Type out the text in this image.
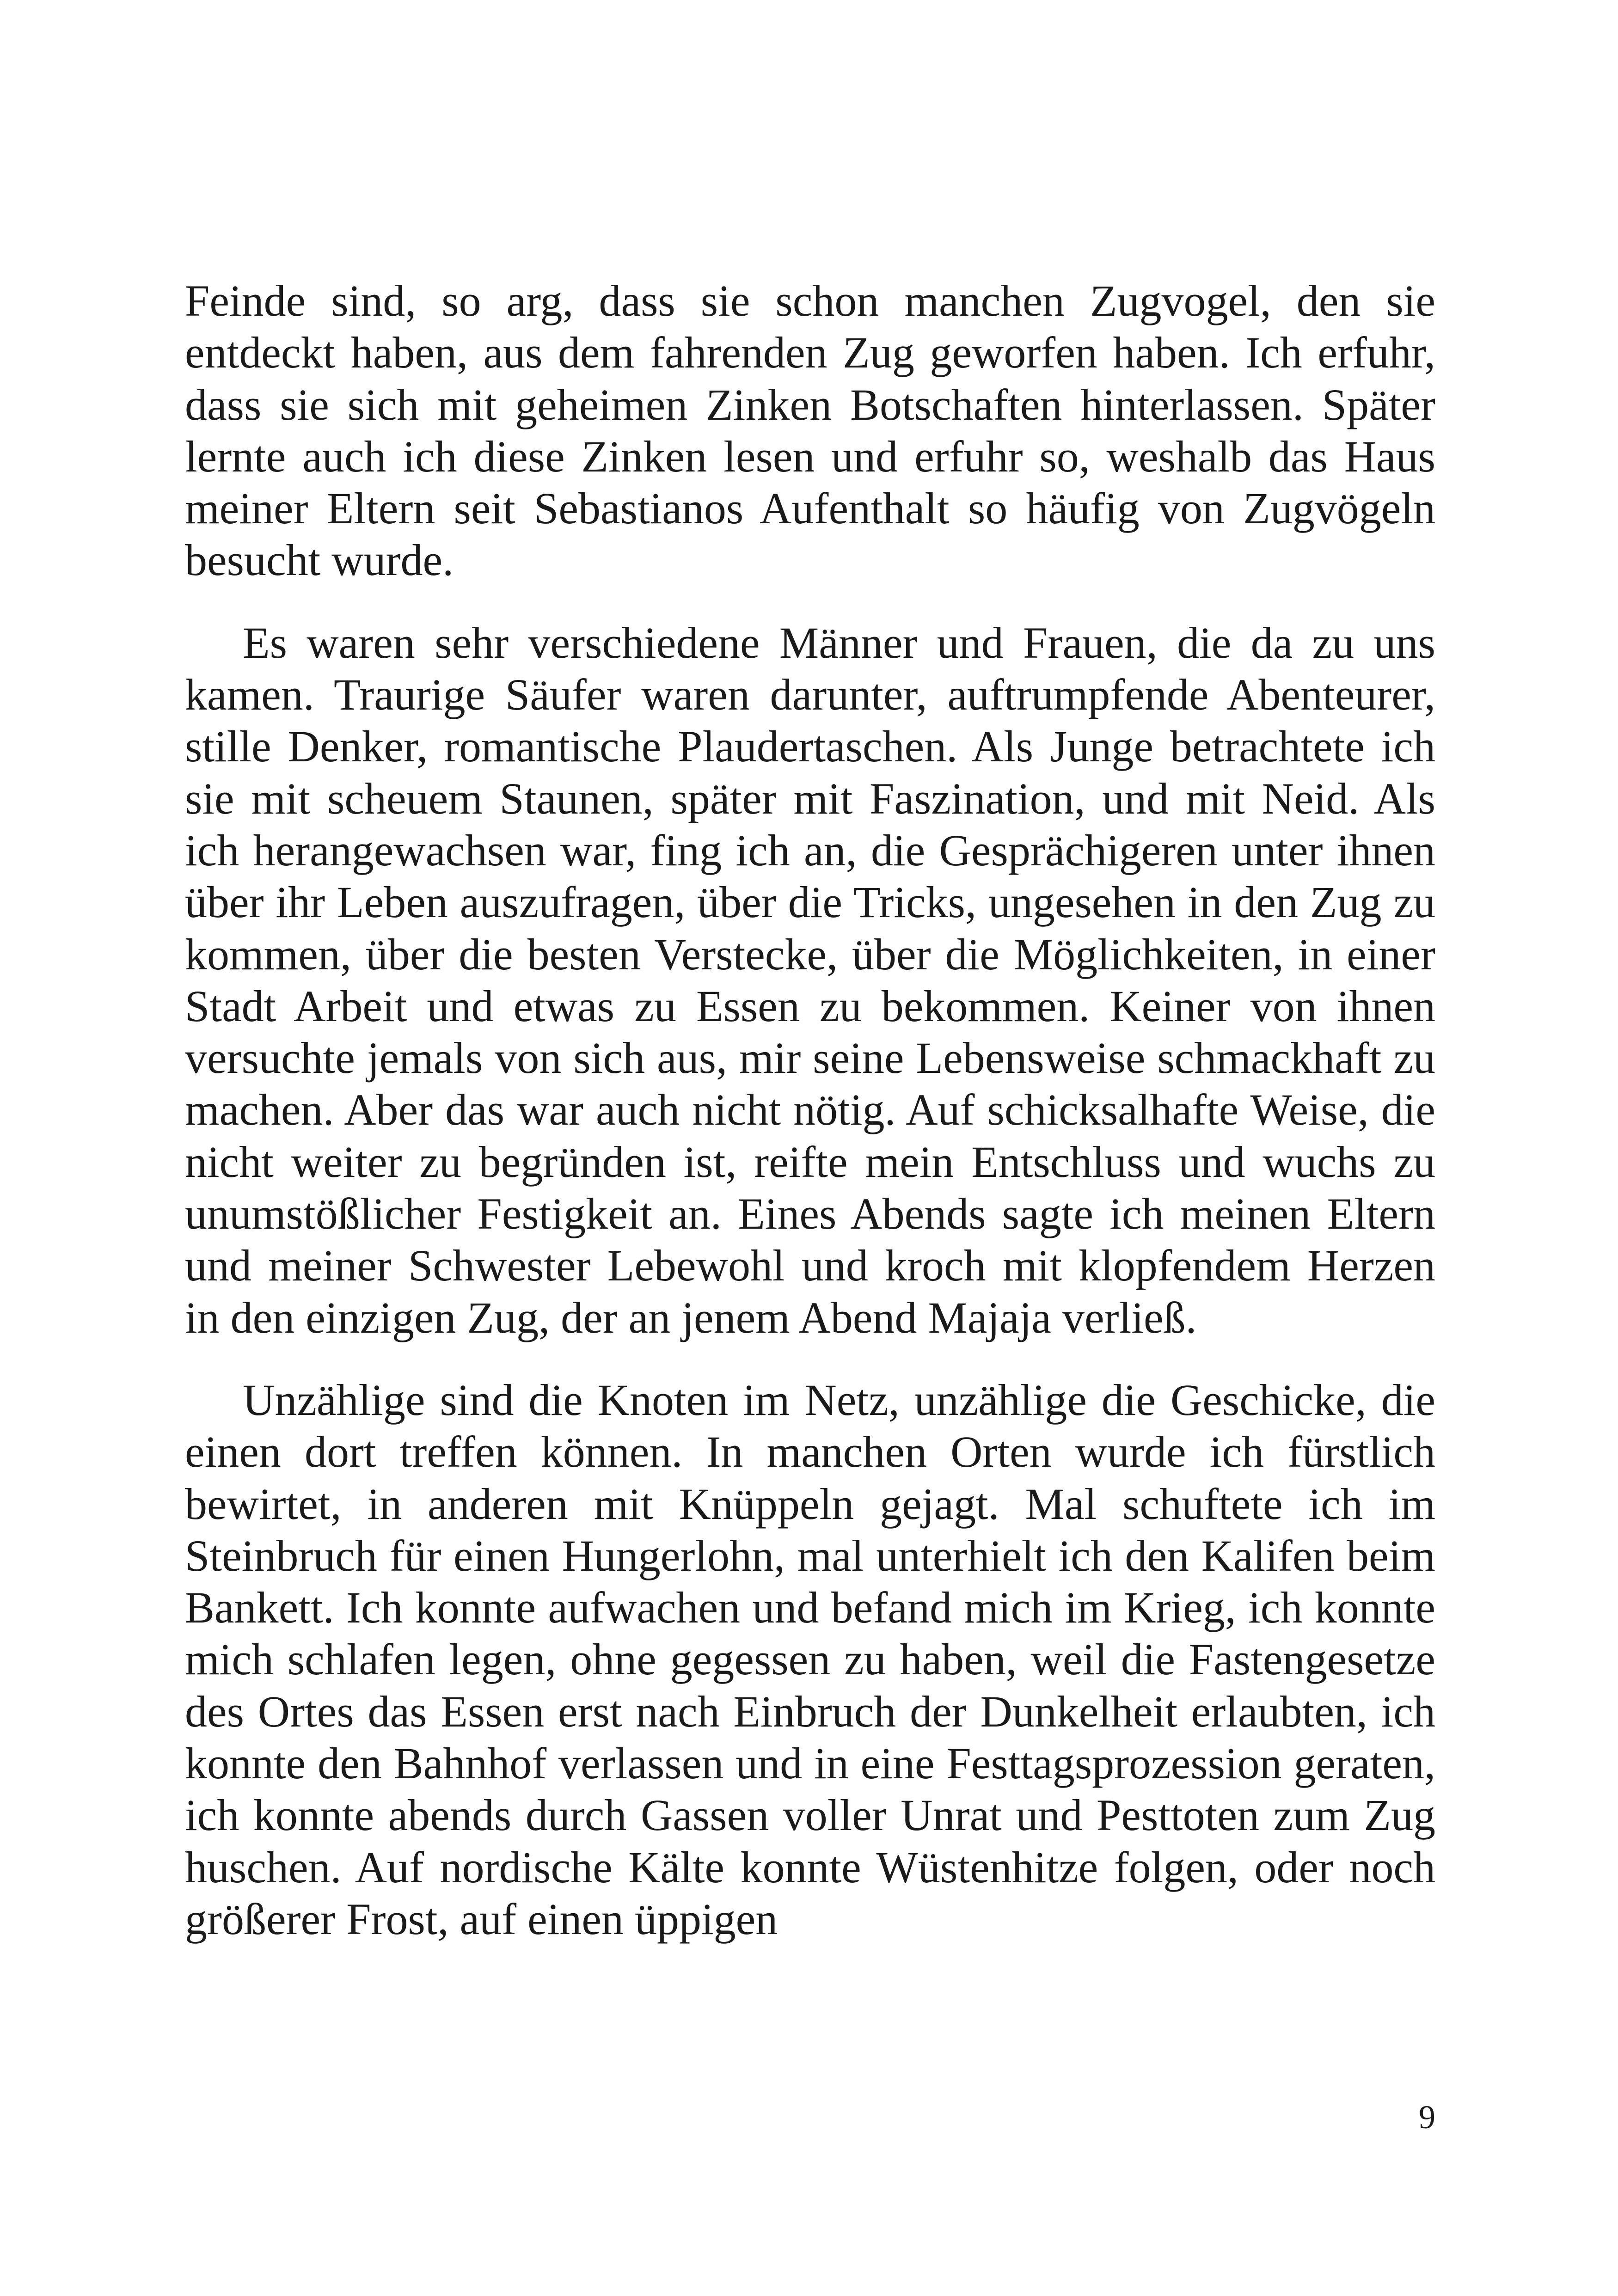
Feinde sind, so arg, dass sie schon manchen Zugvogel, den sie entdeckt haben, aus dem fahrenden Zug geworfen haben. Ich erfuhr, dass sie sich mit geheimen Zinken Botschaften hinterlassen. Später lernte auch ich diese Zinken lesen und erfuhr so, weshalb das Haus meiner Eltern seit Sebastianos Aufenthalt so häufig von Zugvögeln besucht wurde.

Es waren sehr verschiedene Männer und Frauen, die da zu uns kamen. Traurige Säufer waren darunter, auftrumpfende Abenteurer, stille Denker, romantische Plaudertaschen. Als Junge betrachtete ich sie mit scheuem Staunen, später mit Faszination, und mit Neid. Als ich herangewachsen war, fing ich an, die Gesprächigeren unter ihnen über ihr Leben auszufragen, über die Tricks, ungesehen in den Zug zu kommen, über die besten Verstecke, über die Möglichkeiten, in einer Stadt Arbeit und etwas zu Essen zu bekommen. Keiner von ihnen versuchte jemals von sich aus, mir seine Lebensweise schmackhaft zu machen. Aber das war auch nicht nötig. Auf schicksalhafte Weise, die nicht weiter zu begründen ist, reifte mein Entschluss und wuchs zu unumstößlicher Festigkeit an. Eines Abends sagte ich meinen Eltern und meiner Schwester Lebewohl und kroch mit klopfendem Herzen in den einzigen Zug, der an jenem Abend Majaja verließ.

Unzählige sind die Knoten im Netz, unzählige die Geschicke, die einen dort treffen können. In manchen Orten wurde ich fürstlich bewirtet, in anderen mit Knüppeln gejagt. Mal schuftete ich im Steinbruch für einen Hungerlohn, mal unterhielt ich den Kalifen beim Bankett. Ich konnte aufwachen und befand mich im Krieg, ich konnte mich schlafen legen, ohne gegessen zu haben, weil die Fastengesetze des Ortes das Essen erst nach Einbruch der Dunkelheit erlaubten, ich konnte den Bahnhof verlassen und in eine Festtagsprozession geraten, ich konnte abends durch Gassen voller Unrat und Pesttoten zum Zug huschen. Auf nordische Kälte konnte Wüstenhitze folgen, oder noch größerer Frost, auf einen üppigen

9
